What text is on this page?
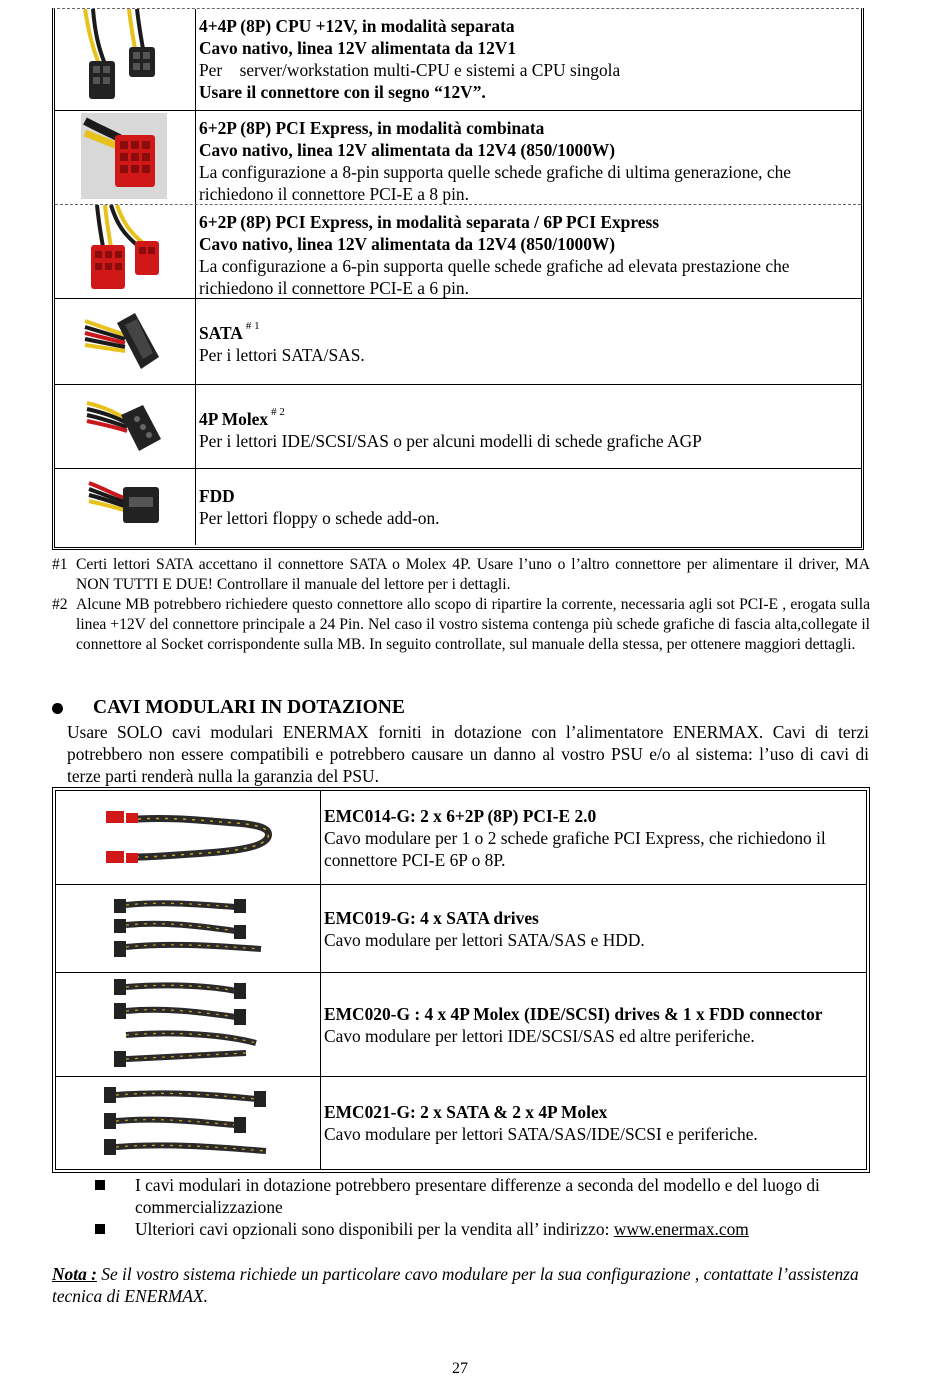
4+4P (8P) CPU +12V, in modalità separata
Cavo nativo, linea 12V alimentata da 12V1
Per    server/workstation multi-CPU e sistemi a CPU singola
Usare il connettore con il segno “12V”.
6+2P (8P) PCI Express, in modalità combinata
Cavo nativo, linea 12V alimentata da 12V4 (850/1000W)
La configurazione a 8-pin supporta quelle schede grafiche di ultima generazione, che
richiedono il connettore PCI-E a 8 pin.
6+2P (8P) PCI Express, in modalità separata / 6P PCI Express
Cavo nativo, linea 12V alimentata da 12V4 (850/1000W)
La configurazione a 6-pin supporta quelle schede grafiche ad elevata prestazione che
richiedono il connettore PCI-E a 6 pin.
SATA $^{\# 1}$
Per i lettori SATA/SAS.
4P Molex $^{\# 2}$
Per i lettori IDE/SCSI/SAS o per alcuni modelli di schede grafiche AGP
FDD
Per lettori floppy o schede add-on.
#1 Certi lettori SATA accettano il connettore SATA o Molex 4P. Usare l’uno o l’altro connettore per alimentare il driver, MA NON TUTTI E DUE! Controllare il manuale del lettore per i dettagli.
#2 Alcune MB potrebbero richiedere questo connettore allo scopo di ripartire la corrente, necessaria agli sot PCI-E , erogata sulla linea +12V del connettore principale a 24 Pin. Nel caso il vostro sistema contenga più schede grafiche di fascia alta,collegate il connettore al Socket corrispondente sulla MB. In seguito controllate, sul manuale della stessa, per ottenere maggiori dettagli.
CAVI MODULARI IN DOTAZIONE
Usare SOLO cavi modulari ENERMAX forniti in dotazione con l’alimentatore ENERMAX. Cavi di terzi potrebbero non essere compatibili e potrebbero causare un danno al vostro PSU e/o al sistema: l’uso di cavi di terze parti renderà nulla la garanzia del PSU.
EMC014-G: 2 x 6+2P (8P) PCI-E 2.0
Cavo modulare per 1 o 2 schede grafiche PCI Express, che richiedono il connettore PCI-E 6P o 8P.
EMC019-G: 4 x SATA drives
Cavo modulare per lettori SATA/SAS e HDD.
EMC020-G : 4 x 4P Molex (IDE/SCSI) drives & 1 x FDD connector
Cavo modulare per lettori IDE/SCSI/SAS ed altre periferiche.
EMC021-G: 2 x SATA & 2 x 4P Molex
Cavo modulare per lettori SATA/SAS/IDE/SCSI e periferiche.
I cavi modulari in dotazione potrebbero presentare differenze a seconda del modello e del luogo di commercializzazione
Ulteriori cavi opzionali sono disponibili per la vendita all’ indirizzo: www.enermax.com
Nota : Se il vostro sistema richiede un particolare cavo modulare per la sua configurazione , contattate l’assistenza tecnica di ENERMAX.
27
